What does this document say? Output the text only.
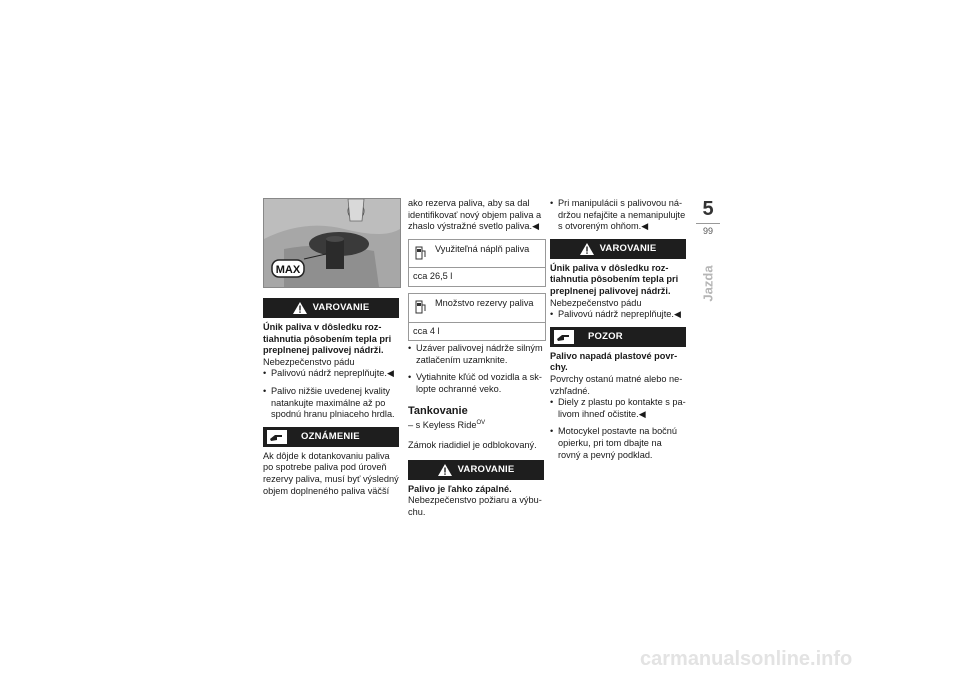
MAX
VAROVANIE

Únik paliva v dôsledku roz-tiahnutia pôsobením tepla pri preplnenej palivovej nádrži.

Nebezpečenstvo pádu

• Palivovú nádrž nepreplňujte.◀
• Palivo nižšie uvedenej kvality natankujte maximálne až po spodnú hranu plniaceho hrdla.
OZNÁMENIE

Ak dôjde k dotankovaniu paliva po spotrebe paliva pod úroveň rezervy paliva, musí byť výsledný objem doplneného paliva väčší

ako rezerva paliva, aby sa dal identifikovať nový objem paliva a zhaslo výstražné svetlo paliva.◀

Využiteľná náplň paliva
cca 26,5 l
Množstvo rezervy paliva
cca 4 l
• Uzáver palivovej nádrže silným zatlačením uzamknite.
• Vytiahnite kľúč od vozidla a sk-lopte ochranné veko.
Tankovanie

– s Keyless Ride$^{OV}$

Zámok riadidiel je odblokovaný.

VAROVANIE

Palivo je ľahko zápalné.

Nebezpečenstvo požiaru a výbu-chu.

• Pri manipulácii s palivovou ná-držou nefajčite a nemanipulujte s otvoreným ohňom.◀
VAROVANIE

Únik paliva v dôsledku roz-tiahnutia pôsobením tepla pri preplnenej palivovej nádrži.

Nebezpečenstvo pádu

• Palivovú nádrž nepreplňujte.◀
POZOR

Palivo napadá plastové povr-chy.

Povrchy ostanú matné alebo ne-vzhľadné.

• Diely z plastu po kontakte s pa-livom ihneď očistite.◀
• Motocykel postavte na bočnú opierku, pri tom dbajte na rovný a pevný podklad.
5
99
Jazda
carmanualsonline.info
